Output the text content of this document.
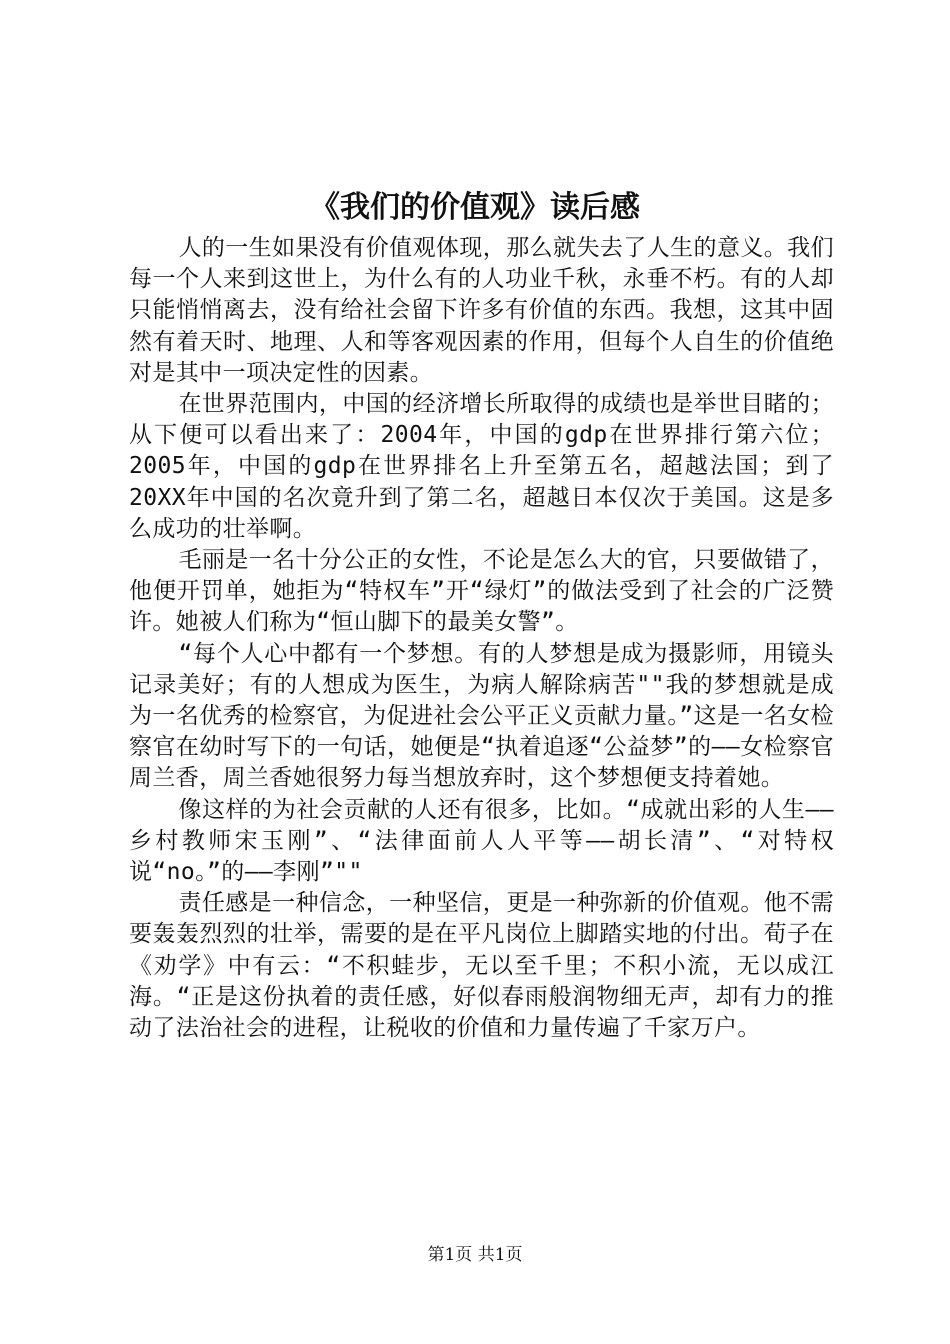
《我们的价值观》读后感

人的一生如果没有价值观体现，那么就失去了人生的意义。我们每一个人来到这世上，为什么有的人功业千秋，永垂不朽。有的人却只能悄悄离去，没有给社会留下许多有价值的东西。我想，这其中固然有着天时、地理、人和等客观因素的作用，但每个人自生的价值绝对是其中一项决定性的因素。

在世界范围内，中国的经济增长所取得的成绩也是举世目睹的；从下便可以看出来了：2004年，中国的gdp在世界排行第六位；2005年，中国的gdp在世界排名上升至第五名，超越法国；到了20XX年中国的名次竟升到了第二名，超越日本仅次于美国。这是多么成功的壮举啊。

毛丽是一名十分公正的女性，不论是怎么大的官，只要做错了，他便开罚单，她拒为“特权车”开“绿灯”的做法受到了社会的广泛赞许。她被人们称为“恒山脚下的最美女警”。

“每个人心中都有一个梦想。有的人梦想是成为摄影师，用镜头记录美好；有的人想成为医生，为病人解除病苦""我的梦想就是成为一名优秀的检察官，为促进社会公平正义贡献力量。”这是一名女检察官在幼时写下的一句话，她便是“执着追逐“公益梦”的——女检察官周兰香，周兰香她很努力每当想放弃时，这个梦想便支持着她。

像这样的为社会贡献的人还有很多，比如。“成就出彩的人生——乡村教师宋玉刚”、“法律面前人人平等——胡长清”、“对特权说“no。”的——李刚”""

责任感是一种信念，一种坚信，更是一种弥新的价值观。他不需要轰轰烈烈的壮举，需要的是在平凡岗位上脚踏实地的付出。荀子在《劝学》中有云：“不积蛙步，无以至千里；不积小流，无以成江海。“正是这份执着的责任感，好似春雨般润物细无声，却有力的推动了法治社会的进程，让税收的价值和力量传遍了千家万户。

第1页 共1页
